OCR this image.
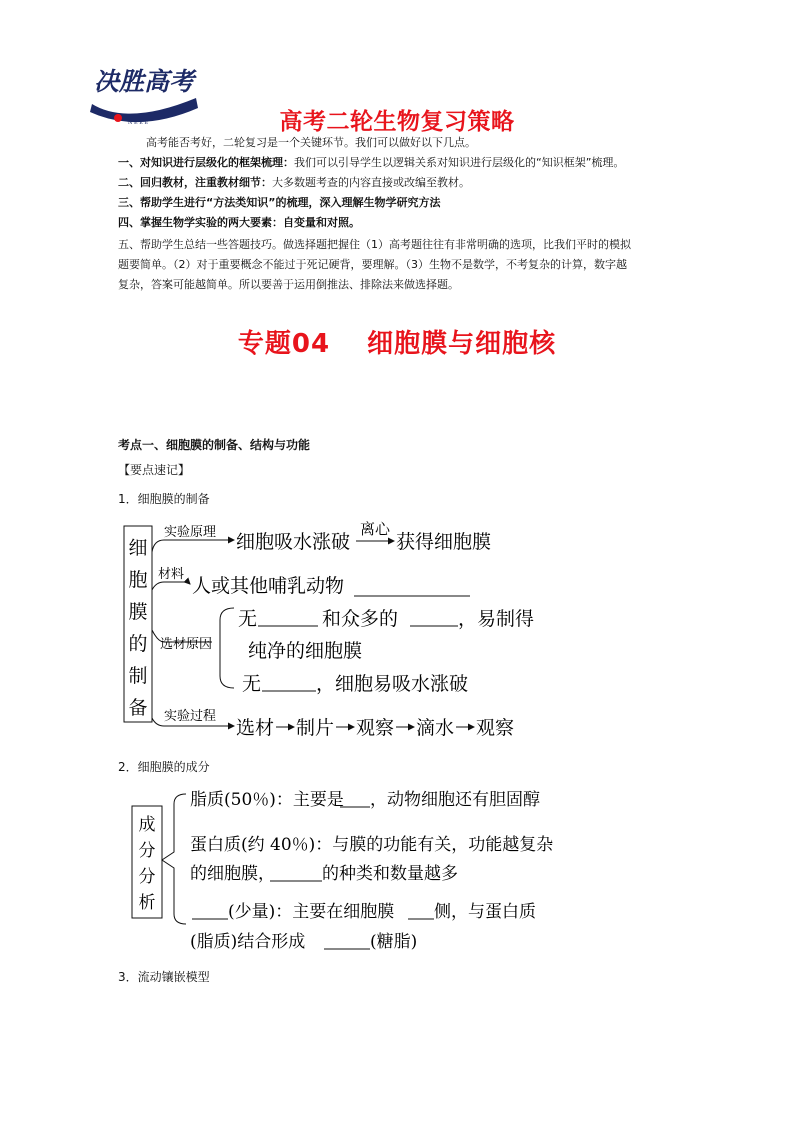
决胜高考
N E E E	高考二轮生物复习策略
高考能否考好，二轮复习是一个关键环节。我们可以做好以下几点。
一、对知识进行层级化的框架梳理：我们可以引导学生以逻辑关系对知识进行层级化的“知识框架”梳理。
二、回归教材，注重教材细节：大多数题考查的内容直接或改编至教材。
三、帮助学生进行“方法类知识”的梳理，深入理解生物学研究方法
四、掌握生物学实验的两大要素：自变量和对照。
五、帮助学生总结一些答题技巧。做选择题把握住（1）高考题往往有非常明确的选项，比我们平时的模拟
题要简单。（2）对于重要概念不能过于死记硬背，要理解。（3）生物不是数学，不考复杂的计算，数字越
复杂，答案可能越简单。所以要善于运用倒推法、排除法来做选择题。
专题04　 细胞膜与细胞核
考点一、细胞膜的制备、结构与功能
【要点速记】
1．细胞膜的制备
细
胞
膜
的
制
备
实验原理 细胞吸水涨破
离心
获得细胞膜
材料
人或其他哺乳动物
选材原因
无	和众多的	，易制得
纯净的细胞膜
无	，细胞易吸水涨破
实验过程
选材 制片 观察 滴水 观察
2．细胞膜的成分
成
分
分
析
脂质(50％)：主要是 ，动物细胞还有胆固醇
蛋白质(约 40％)：与膜的功能有关，功能越复杂
的细胞膜，	的种类和数量越多
(少量)：主要在细胞膜 侧，与蛋白质
(脂质)结合形成	(糖脂)
3．流动镶嵌模型
